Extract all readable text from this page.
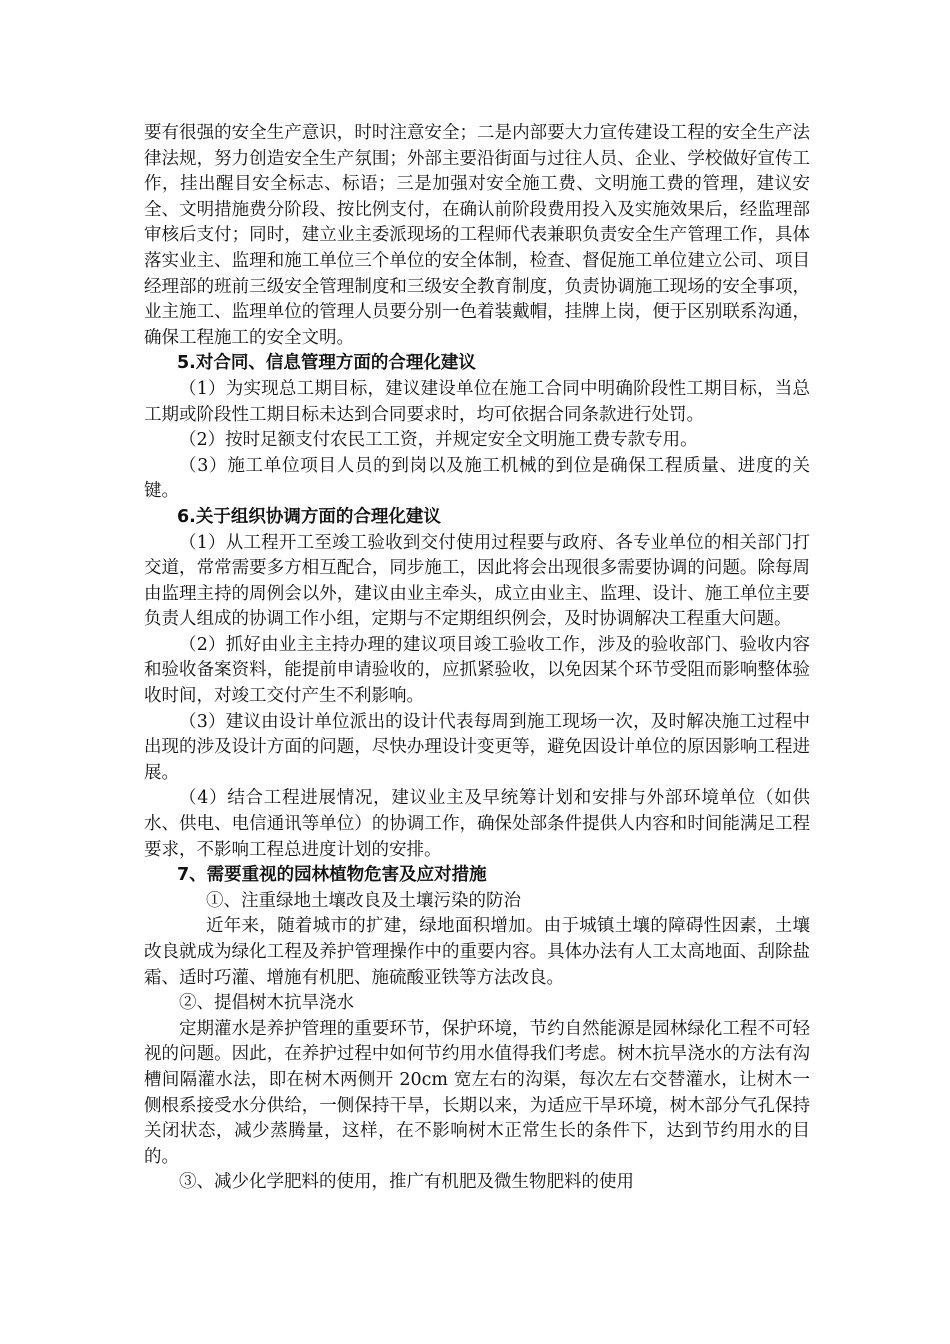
要有很强的安全生产意识，时时注意安全；二是内部要大力宣传建设工程的安全生产法律法规，努力创造安全生产氛围；外部主要沿街面与过往人员、企业、学校做好宣传工作，挂出醒目安全标志、标语；三是加强对安全施工费、文明施工费的管理，建议安全、文明措施费分阶段、按比例支付，在确认前阶段费用投入及实施效果后，经监理部审核后支付；同时，建立业主委派现场的工程师代表兼职负责安全生产管理工作，具体落实业主、监理和施工单位三个单位的安全体制，检查、督促施工单位建立公司、项目经理部的班前三级安全管理制度和三级安全教育制度，负责协调施工现场的安全事项，业主施工、监理单位的管理人员要分别一色着装戴帽，挂牌上岗，便于区别联系沟通，确保工程施工的安全文明。

5.对合同、信息管理方面的合理化建议

（1）为实现总工期目标，建议建设单位在施工合同中明确阶段性工期目标，当总工期或阶段性工期目标未达到合同要求时，均可依据合同条款进行处罚。

（2）按时足额支付农民工工资，并规定安全文明施工费专款专用。

（3）施工单位项目人员的到岗以及施工机械的到位是确保工程质量、进度的关键。

6.关于组织协调方面的合理化建议

（1）从工程开工至竣工验收到交付使用过程要与政府、各专业单位的相关部门打交道，常常需要多方相互配合，同步施工，因此将会出现很多需要协调的问题。除每周由监理主持的周例会以外，建议由业主牵头，成立由业主、监理、设计、施工单位主要负责人组成的协调工作小组，定期与不定期组织例会，及时协调解决工程重大问题。

（2）抓好由业主主持办理的建议项目竣工验收工作，涉及的验收部门、验收内容和验收备案资料，能提前申请验收的，应抓紧验收，以免因某个环节受阻而影响整体验收时间，对竣工交付产生不利影响。

（3）建议由设计单位派出的设计代表每周到施工现场一次，及时解决施工过程中出现的涉及设计方面的问题，尽快办理设计变更等，避免因设计单位的原因影响工程进展。

（4）结合工程进展情况，建议业主及早统筹计划和安排与外部环境单位（如供水、供电、电信通讯等单位）的协调工作，确保处部条件提供人内容和时间能满足工程要求，不影响工程总进度计划的安排。

7、需要重视的园林植物危害及应对措施

①、注重绿地土壤改良及土壤污染的防治

近年来，随着城市的扩建，绿地面积增加。由于城镇土壤的障碍性因素，土壤改良就成为绿化工程及养护管理操作中的重要内容。具体办法有人工太高地面、刮除盐霜、适时巧灌、增施有机肥、施硫酸亚铁等方法改良。

②、提倡树木抗旱浇水

定期灌水是养护管理的重要环节，保护环境，节约自然能源是园林绿化工程不可轻视的问题。因此，在养护过程中如何节约用水值得我们考虑。树木抗旱浇水的方法有沟槽间隔灌水法，即在树木两侧开 20cm 宽左右的沟渠，每次左右交替灌水，让树木一侧根系接受水分供给，一侧保持干旱，长期以来，为适应干旱环境，树木部分气孔保持关闭状态，减少蒸腾量，这样，在不影响树木正常生长的条件下，达到节约用水的目的。

③、减少化学肥料的使用，推广有机肥及微生物肥料的使用
